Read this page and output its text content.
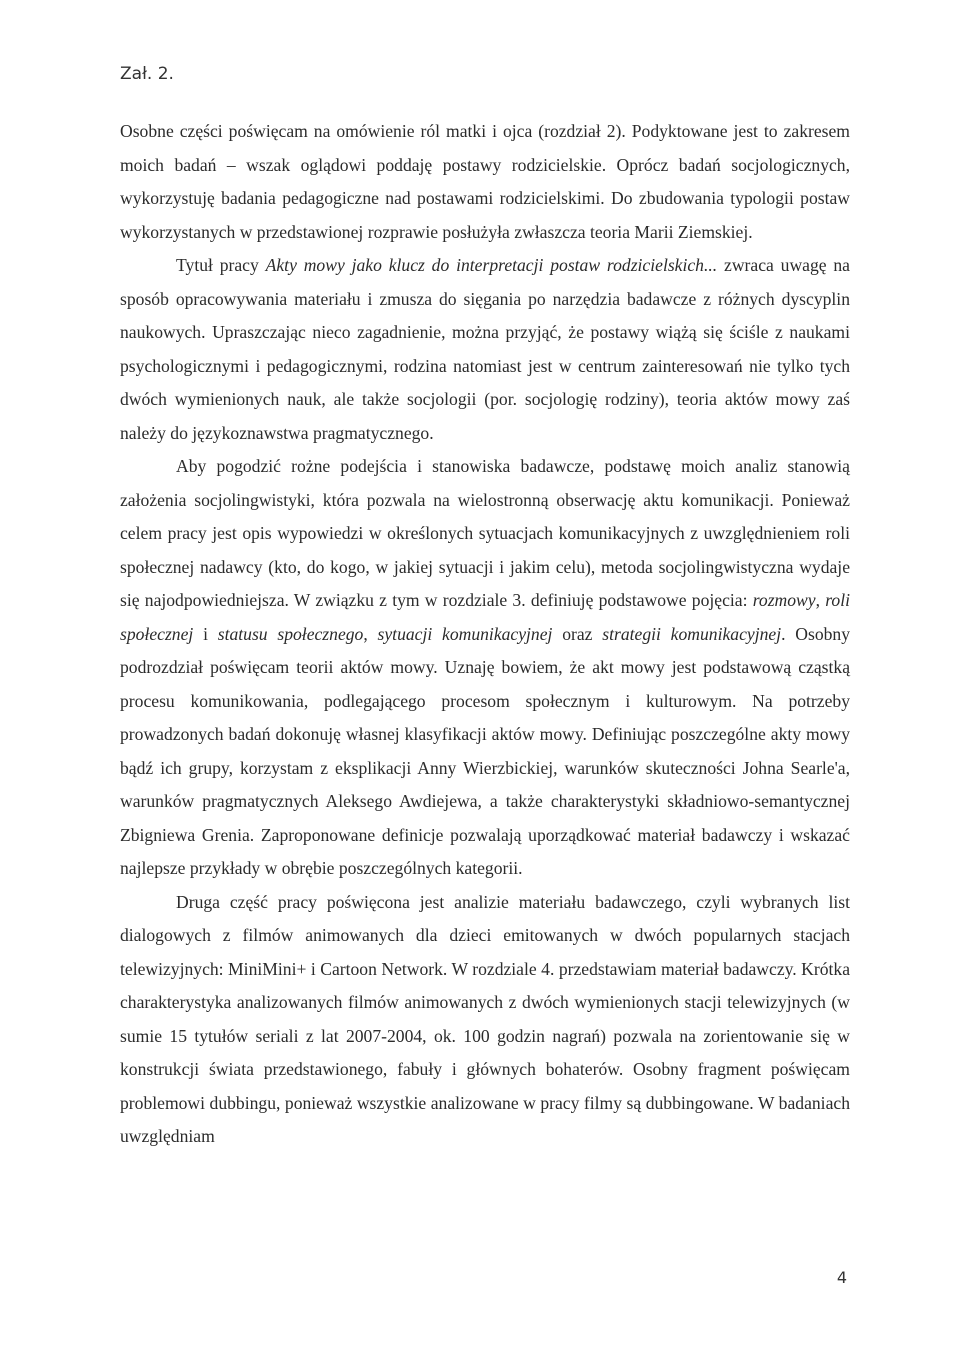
Zał. 2.

Osobne części poświęcam na omówienie ról matki i ojca (rozdział 2). Podyktowane jest to zakresem moich badań – wszak oglądowi poddaję postawy rodzicielskie. Oprócz badań socjologicznych, wykorzystuję badania pedagogiczne nad postawami rodzicielskimi. Do zbudowania typologii postaw wykorzystanych w przedstawionej rozprawie posłużyła zwłaszcza teoria Marii Ziemskiej.

Tytuł pracy Akty mowy jako klucz do interpretacji postaw rodzicielskich... zwraca uwagę na sposób opracowywania materiału i zmusza do sięgania po narzędzia badawcze z różnych dyscyplin naukowych. Upraszczając nieco zagadnienie, można przyjąć, że postawy wiążą się ściśle z naukami psychologicznymi i pedagogicznymi, rodzina natomiast jest w centrum zainteresowań nie tylko tych dwóch wymienionych nauk, ale także socjologii (por. socjologię rodziny), teoria aktów mowy zaś należy do językoznawstwa pragmatycznego.

Aby pogodzić rożne podejścia i stanowiska badawcze, podstawę moich analiz stanowią założenia socjolingwistyki, która pozwala na wielostronną obserwację aktu komunikacji. Ponieważ celem pracy jest opis wypowiedzi w określonych sytuacjach komunikacyjnych z uwzględnieniem roli społecznej nadawcy (kto, do kogo, w jakiej sytuacji i jakim celu), metoda socjolingwistyczna wydaje się najodpowiedniejsza. W związku z tym w rozdziale 3. definiuję podstawowe pojęcia: rozmowy, roli społecznej i statusu społecznego, sytuacji komunikacyjnej oraz strategii komunikacyjnej. Osobny podrozdział poświęcam teorii aktów mowy. Uznaję bowiem, że akt mowy jest podstawową cząstką procesu komunikowania, podlegającego procesom społecznym i kulturowym. Na potrzeby prowadzonych badań dokonuję własnej klasyfikacji aktów mowy. Definiując poszczególne akty mowy bądź ich grupy, korzystam z eksplikacji Anny Wierzbickiej, warunków skuteczności Johna Searle'a, warunków pragmatycznych Aleksego Awdiejewa, a także charakterystyki składniowo-semantycznej Zbigniewa Grenia. Zaproponowane definicje pozwalają uporządkować materiał badawczy i wskazać najlepsze przykłady w obrębie poszczególnych kategorii.

Druga część pracy poświęcona jest analizie materiału badawczego, czyli wybranych list dialogowych z filmów animowanych dla dzieci emitowanych w dwóch popularnych stacjach telewizyjnych: MiniMini+ i Cartoon Network. W rozdziale 4. przedstawiam materiał badawczy. Krótka charakterystyka analizowanych filmów animowanych z dwóch wymienionych stacji telewizyjnych (w sumie 15 tytułów seriali z lat 2007-2004, ok. 100 godzin nagrań) pozwala na zorientowanie się w konstrukcji świata przedstawionego, fabuły i głównych bohaterów. Osobny fragment poświęcam problemowi dubbingu, ponieważ wszystkie analizowane w pracy filmy są dubbingowane. W badaniach uwzględniam

4
